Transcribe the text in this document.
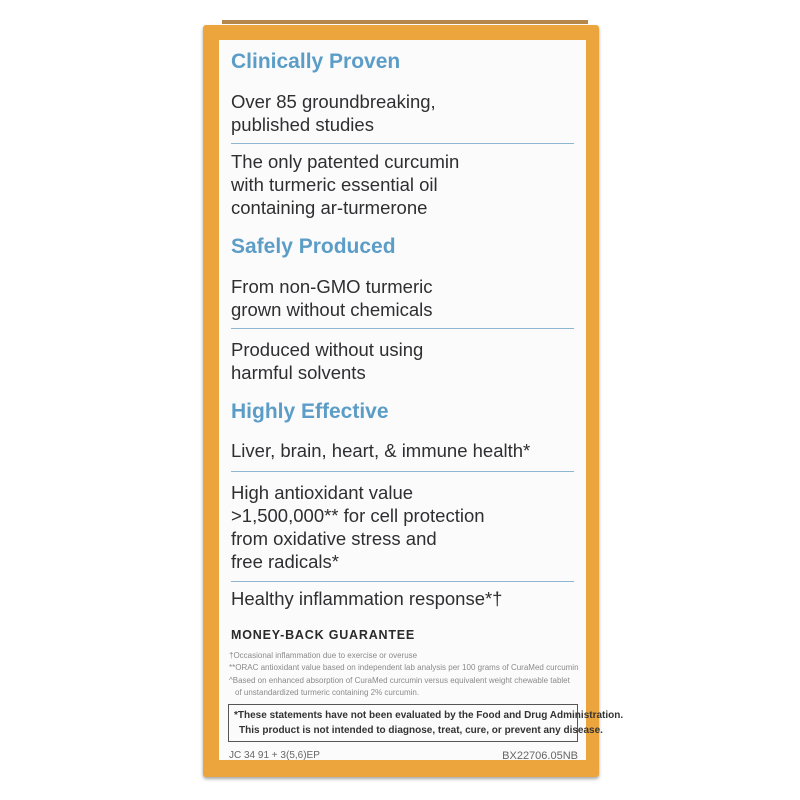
Clinically Proven
Over 85 groundbreaking,
published studies
The only patented curcumin
with turmeric essential oil
containing ar-turmerone
Safely Produced
From non-GMO turmeric
grown without chemicals
Produced without using
harmful solvents
Highly Effective
Liver, brain, heart, & immune health*
High antioxidant value
>1,500,000** for cell protection
from oxidative stress and
free radicals*
Healthy inflammation response*†
MONEY-BACK GUARANTEE
†Occasional inflammation due to exercise or overuse
**ORAC antioxidant value based on independent lab analysis per 100 grams of CuraMed curcumin
^Based on enhanced absorption of CuraMed curcumin versus equivalent weight chewable tablet
of unstandardized turmeric containing 2% curcumin.
*These statements have not been evaluated by the Food and Drug Administration.
This product is not intended to diagnose, treat, cure, or prevent any disease.
JC 34 91 + 3(5,6)EP	BX22706.05NB
